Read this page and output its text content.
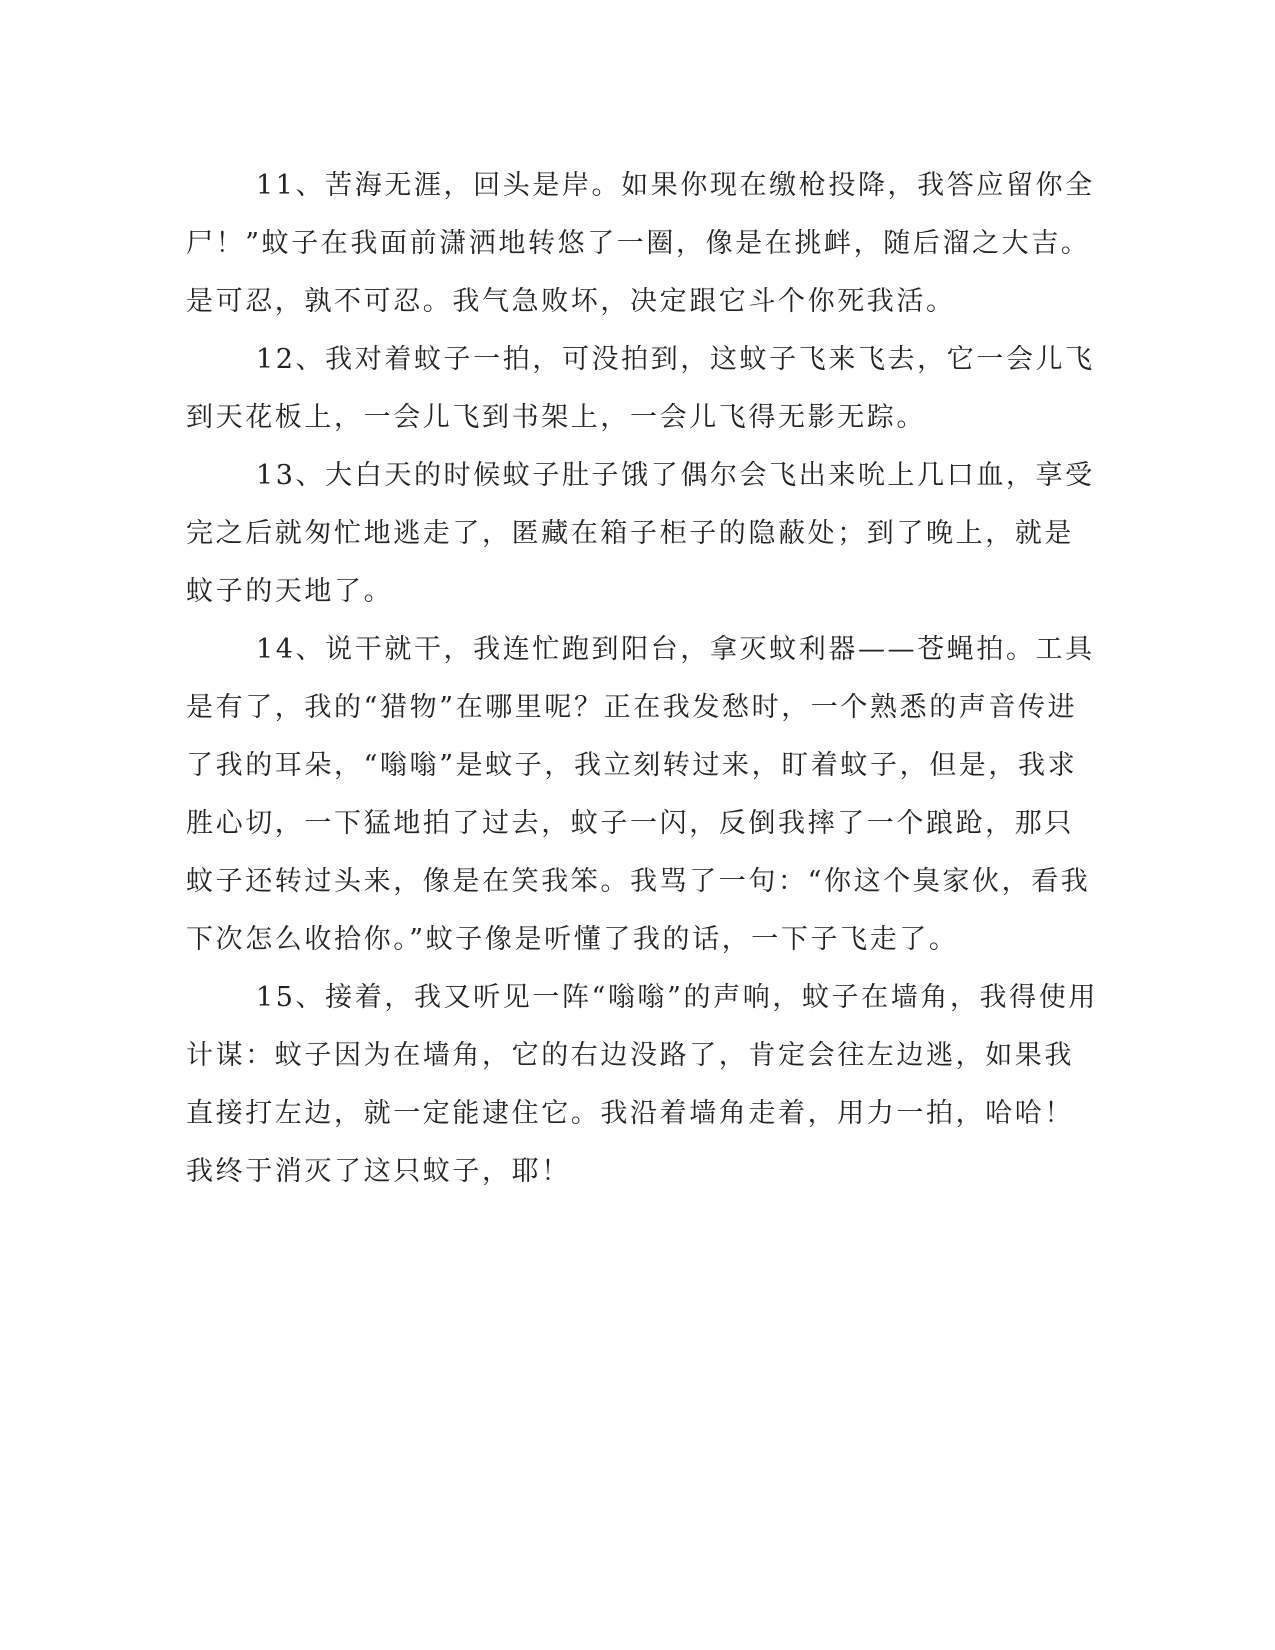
11、苦海无涯，回头是岸。如果你现在缴枪投降，我答应留你全
尸！”蚊子在我面前潇洒地转悠了一圈，像是在挑衅，随后溜之大吉。
是可忍，孰不可忍。我气急败坏，决定跟它斗个你死我活。
12、我对着蚊子一拍，可没拍到，这蚊子飞来飞去，它一会儿飞
到天花板上，一会儿飞到书架上，一会儿飞得无影无踪。
13、大白天的时候蚊子肚子饿了偶尔会飞出来吮上几口血，享受
完之后就匆忙地逃走了，匿藏在箱子柜子的隐蔽处；到了晚上，就是
蚊子的天地了。
14、说干就干，我连忙跑到阳台，拿灭蚊利器——苍蝇拍。工具
是有了，我的“猎物”在哪里呢？正在我发愁时，一个熟悉的声音传进
了我的耳朵，“嗡嗡”是蚊子，我立刻转过来，盯着蚊子，但是，我求
胜心切，一下猛地拍了过去，蚊子一闪，反倒我摔了一个踉跄，那只
蚊子还转过头来，像是在笑我笨。我骂了一句：“你这个臭家伙，看我
下次怎么收拾你。”蚊子像是听懂了我的话，一下子飞走了。
15、接着，我又听见一阵“嗡嗡”的声响，蚊子在墙角，我得使用
计谋：蚊子因为在墙角，它的右边没路了，肯定会往左边逃，如果我
直接打左边，就一定能逮住它。我沿着墙角走着，用力一拍，哈哈！
我终于消灭了这只蚊子，耶！
